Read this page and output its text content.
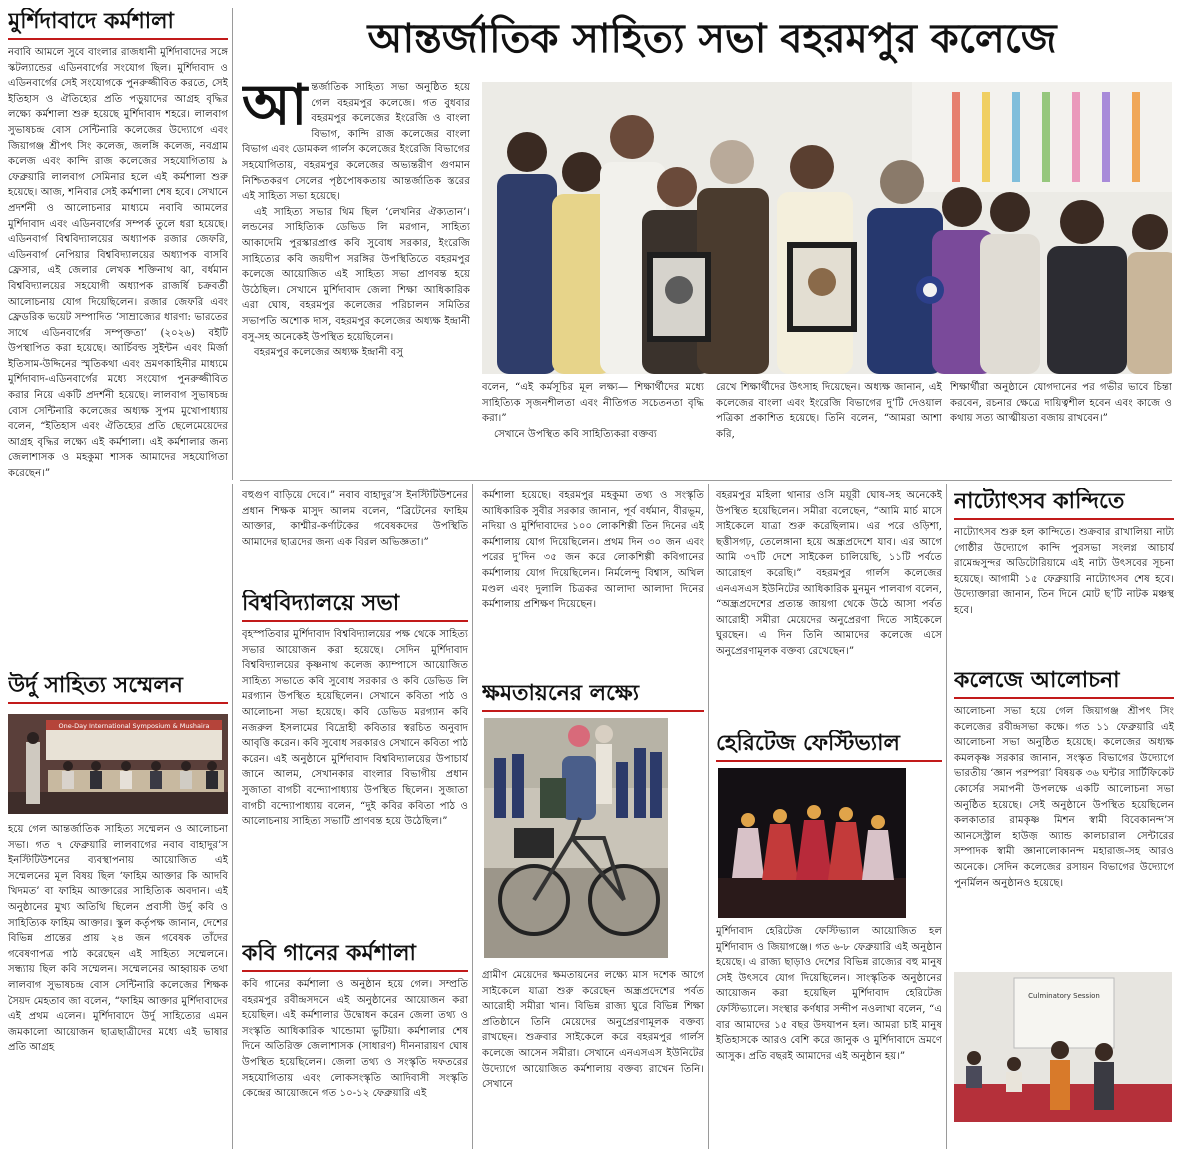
আন্তর্জাতিক সাহিত্য সভা বহরমপুর কলেজে
মুর্শিদাবাদে কর্মশালা
নবাবি আমলে সুবে বাংলার রাজধানী মুর্শিদাবাদের সঙ্গে স্কটল্যান্ডের এডিনবার্গের সংযোগ ছিল। মুর্শিদাবাদ ও এডিনবার্গের সেই সংযোগকে পুনরুজ্জীবিত করতে, সেই ইতিহাস ও ঐতিহ্যের প্রতি পড়ুয়াদের আগ্রহ বৃদ্ধির লক্ষ্যে কর্মশালা শুরু হয়েছে মুর্শিদাবাদ শহরে। লালবাগ সুভাষচন্দ্র বোস সেন্টিনারি কলেজের উদ্যোগে এবং জিয়াগঞ্জ শ্রীপৎ সিং কলেজ, জলঙ্গি কলেজ, নবগ্রাম কলেজ এবং কান্দি রাজ কলেজের সহযোগিতায় ৯ ফেব্রুয়ারি লালবাগ সেমিনার হলে এই কর্মশালা শুরু হয়েছে। আজ, শনিবার সেই কর্মশালা শেষ হবে। সেখানে প্রদর্শনী ও আলোচনার মাধ্যমে নবাবি আমলের মুর্শিদাবাদ এবং এডিনবার্গের সম্পর্ক তুলে ধরা হয়েছে। এডিনবার্গ বিশ্ববিদ্যালয়ের অধ্যাপক রজার জেফরি, এডিনবার্গ নেপিয়ার বিশ্ববিদ্যালয়ের অধ্যাপক বাসবি ফ্রেসার, এই জেলার লেখক শক্তিনাথ ঝা, বর্ধমান বিশ্ববিদ্যালয়ের সহযোগী অধ্যাপক রাজর্ষি চক্রবর্তী আলোচনায় যোগ দিয়েছিলেন। রজার জেফরি এবং ফ্রেডরিক ভয়েট সম্পাদিত ‘সাম্রাজ্যের ধারণা: ভারতের সাথে এডিনবার্গের সম্পৃক্ততা’ (২০২৬) বইটি উপস্থাপিত করা হয়েছে। আর্চিবল্ড সুইন্টন এবং মির্জা ইতিসাম-উদ্দিনের স্মৃতিকথা এবং ভ্রমণকাহিনীর মাধ্যমে মুর্শিদাবাদ-এডিনবার্গের মধ্যে সংযোগ পুনরুজ্জীবিত করার নিয়ে একটি প্রদর্শনী হয়েছে। লালবাগ সুভাষচন্দ্র বোস সেন্টিনারি কলেজের অধ্যক্ষ সুপম মুখোপাধ্যায় বলেন, “ইতিহাস এবং ঐতিহ্যের প্রতি ছেলেমেয়েদের আগ্রহ বৃদ্ধির লক্ষ্যে এই কর্মশালা। এই কর্মশালার জন্য জেলাশাসক ও মহকুমা শাসক আমাদের সহযোগিতা করেছেন।”
উর্দু সাহিত্য সম্মেলন
One-Day International Symposium & Mushaira
হয়ে গেল আন্তর্জাতিক সাহিত্য সম্মেলন ও আলোচনা সভা। গত ৭ ফেব্রুয়ারি লালবাগের নবাব বাহাদুর’স ইনস্টিটিউশনের ব্যবস্থাপনায় আয়োজিত এই সম্মেলনের মূল বিষয় ছিল ‘ফাহিম আক্তার কি আদবি খিদমত’ বা ফাহিম আক্তারের সাহিত্যিক অবদান। এই অনুষ্ঠানের মুখ্য অতিথি ছিলেন প্রবাসী উর্দু কবি ও সাহিত্যিক ফাহিম আক্তার। স্কুল কর্তৃপক্ষ জানান, দেশের বিভিন্ন প্রান্তের প্রায় ২৪ জন গবেষক তাঁদের গবেষণাপত্র পাঠ করেছেন এই সাহিত্য সম্মেলনে। সন্ধ্যায় ছিল কবি সম্মেলন। সম্মেলনের আহ্বায়ক তথা লালবাগ সুভাষচন্দ্র বোস সেন্টিনারি কলেজের শিক্ষক সৈয়দ মেহতাব জা বলেন, “ফাহিম আক্তার মুর্শিদাবাদের এই প্রথম এলেন। মুর্শিদাবাদে উর্দু সাহিত্যের এমন জমকালো আয়োজন ছাত্রছাত্রীদের মধ্যে এই ভাষার প্রতি আগ্রহ
আ ন্তর্জাতিক সাহিত্য সভা অনুষ্ঠিত হয়ে গেল বহরমপুর কলেজে। গত বুধবার বহরমপুর কলেজের ইংরেজি ও বাংলা বিভাগ, কান্দি রাজ কলেজের বাংলা বিভাগ এবং ডোমকল গার্লস কলেজের ইংরেজি বিভাগের সহযোগিতায়, বহরমপুর কলেজের অভ্যন্তরীণ গুণমান নিশ্চিতকরণ সেলের পৃষ্ঠপোষকতায় আন্তর্জাতিক স্তরের এই সাহিত্য সভা হয়েছে।

এই সাহিত্য সভার থিম ছিল ‘লেখনির ঐক্যতান’। লন্ডনের সাহিত্যিক ডেভিড লি মরগান, সাহিত্য আকাদেমি পুরস্কারপ্রাপ্ত কবি সুবোধ সরকার, ইংরেজি সাহিত্যের কবি জয়দীপ সরঙ্গির উপস্থিতিতে বহরমপুর কলেজে আয়োজিত এই সাহিত্য সভা প্রাণবন্ত হয়ে উঠেছিল। সেখানে মুর্শিদাবাদ জেলা শিক্ষা আধিকারিক এরা ঘোষ, বহরমপুর কলেজের পরিচালন সমিতির সভাপতি অশোক দাস, বহরমপুর কলেজের অধ্যক্ষ ইন্দ্রানী বসু-সহ অনেকেই উপস্থিত হয়েছিলেন।

বহরমপুর কলেজের অধ্যক্ষ ইন্দ্রানী বসু

বলেন, “এই কর্মসূচির মূল লক্ষ্য— শিক্ষার্থীদের মধ্যে সাহিত্যিক সৃজনশীলতা এবং নীতিগত সচেতনতা বৃদ্ধি করা।”

সেখানে উপস্থিত কবি সাহিত্যিকরা বক্তব্য

রেখে শিক্ষার্থীদের উৎসাহ দিয়েছেন। অধ্যক্ষ জানান, এই কলেজের বাংলা এবং ইংরেজি বিভাগের দু’টি দেওয়াল পত্রিকা প্রকাশিত হয়েছে। তিনি বলেন, “আমরা আশা করি,
শিক্ষার্থীরা অনুষ্ঠানে যোগদানের পর গভীর ভাবে চিন্তা করবেন, রচনার ক্ষেত্রে দায়িত্বশীল হবেন এবং কাজে ও কথায় সত্য আত্মীয়তা বজায় রাখবেন।”
বহুগুণ বাড়িয়ে দেবে।” নবাব বাহাদুর’স ইনস্টিটিউশনের প্রধান শিক্ষক মাসুদ আলম বলেন, “ব্রিটেনের ফাহিম আক্তার, কাশ্মীর-কর্ণাটকের গবেষকদের উপস্থিতি আমাদের ছাত্রদের জন্য এক বিরল অভিজ্ঞতা।”
বিশ্ববিদ্যালয়ে সভা
বৃহস্পতিবার মুর্শিদাবাদ বিশ্ববিদ্যালয়ের পক্ষ থেকে সাহিত্য সভার আয়োজন করা হয়েছে। সেদিন মুর্শিদাবাদ বিশ্ববিদ্যালয়ের কৃষ্ণনাথ কলেজ ক্যাম্পাসে আয়োজিত সাহিত্য সভাতে কবি সুবোধ সরকার ও কবি ডেভিড লি মরগ্যান উপস্থিত হয়েছিলেন। সেখানে কবিতা পাঠ ও আলোচনা সভা হয়েছে। কবি ডেভিড মরগ্যান কবি নজরুল ইসলামের বিদ্রোহী কবিতার স্বরচিত অনুবাদ আবৃত্তি করেন। কবি সুবোধ সরকারও সেখানে কবিতা পাঠ করেন। এই অনুষ্ঠানে মুর্শিদাবাদ বিশ্ববিদ্যালয়ের উপাচার্য জানে আলম, সেখানকার বাংলার বিভাগীয় প্রধান সুজাতা বাগচী বন্দ্যোপাধ্যায় উপস্থিত ছিলেন। সুজাতা বাগচী বন্দ্যোপাধ্যায় বলেন, “দুই কবির কবিতা পাঠ ও আলোচনায় সাহিত্য সভাটি প্রাণবন্ত হয়ে উঠেছিল।”
কবি গানের কর্মশালা
কবি গানের কর্মশালা ও অনুষ্ঠান হয়ে গেল। সম্প্রতি বহরমপুর রবীন্দ্রসদনে এই অনুষ্ঠানের আয়োজন করা হয়েছিল। এই কর্মশালার উদ্বোধন করেন জেলা তথ্য ও সংস্কৃতি আধিকারিক খান্ডোমা ভুটিয়া। কর্মশালার শেষ দিনে অতিরিক্ত জেলাশাসক (সাধারণ) দীননারায়ণ ঘোষ উপস্থিত হয়েছিলেন। জেলা তথ্য ও সংস্কৃতি দফতরের সহযোগিতায় এবং লোকসংস্কৃতি আদিবাসী সংস্কৃতি কেন্দ্রের আয়োজনে গত ১০-১২ ফেব্রুয়ারি এই
কর্মশালা হয়েছে। বহরমপুর মহকুমা তথ্য ও সংস্কৃতি আধিকারিক সুবীর সরকার জানান, পূর্ব বর্ধমান, বীরভূম, নদিয়া ও মুর্শিদাবাদের ১০০ লোকশিল্পী তিন দিনের এই কর্মশালায় যোগ দিয়েছিলেন। প্রথম দিন ৩০ জন এবং পরের দু’দিন ৩৫ জন করে লোকশিল্পী কবিগানের কর্মশালায় যোগ দিয়েছিলেন। নির্মলেন্দু বিশ্বাস, অখিল মণ্ডল এবং দুলালি চিত্রকর আলাদা আলাদা দিনের কর্মশালায় প্রশিক্ষণ দিয়েছেন।
ক্ষমতায়নের লক্ষ্যে
গ্রামীণ মেয়েদের ক্ষমতায়নের লক্ষ্যে মাস দশেক আগে সাইকেলে যাত্রা শুরু করেছেন অন্ধ্রপ্রদেশের পর্বত আরোহী সমীরা খান। বিভিন্ন রাজ্য ঘুরে বিভিন্ন শিক্ষা প্রতিষ্ঠানে তিনি মেয়েদের অনুপ্রেরণামূলক বক্তব্য রাখছেন। শুক্রবার সাইকেলে করে বহরমপুর গার্লস কলেজে আসেন সমীরা। সেখানে এনএসএস ইউনিটের উদ্যোগে আয়োজিত কর্মশালায় বক্তব্য রাখেন তিনি। সেখানে
বহরমপুর মহিলা থানার ওসি ময়ূরী ঘোষ-সহ অনেকেই উপস্থিত হয়েছিলেন। সমীরা বলেছেন, “আমি মার্চ মাসে সাইকেলে যাত্রা শুরু করেছিলাম। এর পরে ওড়িশা, ছত্তীসগঢ়, তেলেঙ্গানা হয়ে অন্ধ্রপ্রদেশে যাব। এর আগে আমি ৩৭টি দেশে সাইকেল চালিয়েছি, ১১টি পর্বতে আরোহণ করেছি।” বহরমপুর গার্লস কলেজের এনএসএস ইউনিটের আধিকারিক মুনমুন পালবাগ বলেন, “অন্ধ্রপ্রদেশের প্রত্যন্ত জায়গা থেকে উঠে আসা পর্বত আরোহী সমীরা মেয়েদের অনুপ্রেরণা দিতে সাইকেলে ঘুরছেন। এ দিন তিনি আমাদের কলেজে এসে অনুপ্রেরণামূলক বক্তব্য রেখেছেন।”
হেরিটেজ ফেস্টিভ্যাল
মুর্শিদাবাদ হেরিটেজ ফেস্টিভ্যাল আয়োজিত হল মুর্শিদাবাদ ও জিয়াগঞ্জে। গত ৬-৮ ফেব্রুয়ারি এই অনুষ্ঠান হয়েছে। এ রাজ্য ছাড়াও দেশের বিভিন্ন রাজ্যের বহু মানুষ সেই উৎসবে যোগ দিয়েছিলেন। সাংস্কৃতিক অনুষ্ঠানের আয়োজন করা হয়েছিল মুর্শিদাবাদ হেরিটেজ ফেস্টিভ্যালে। সংস্থার কর্ণধার সন্দীপ নওলাখা বলেন, “এ বার আমাদের ১৫ বছর উদযাপন হল। আমরা চাই মানুষ ইতিহাসকে আরও বেশি করে জানুক ও মুর্শিদাবাদে ভ্রমণে আসুক। প্রতি বছরই আমাদের এই অনুষ্ঠান হয়।”
নাট্যোৎসব কান্দিতে
নাট্যোৎসব শুরু হল কান্দিতে। শুক্রবার রাখালিয়া নাট্য গোষ্ঠীর উদ্যোগে কান্দি পুরসভা সংলগ্ন আচার্য রামেন্দ্রসুন্দর অডিটোরিয়ামে এই নাট্য উৎসবের সূচনা হয়েছে। আগামী ১৫ ফেব্রুয়ারি নাট্যোৎসব শেষ হবে। উদ্যোক্তারা জানান, তিন দিনে মোট ছ’টি নাটক মঞ্চস্থ হবে।
কলেজে আলোচনা
আলোচনা সভা হয়ে গেল জিয়াগঞ্জ শ্রীপৎ সিং কলেজের রবীন্দ্রসভা কক্ষে। গত ১১ ফেব্রুয়ারি এই আলোচনা সভা অনুষ্ঠিত হয়েছে। কলেজের অধ্যক্ষ কমলকৃষ্ণ সরকার জানান, সংস্কৃত বিভাগের উদ্যোগে ভারতীয় ‘জ্ঞান পরম্পরা’ বিষয়ক ৩৬ ঘন্টার সার্টিফিকেট কোর্সের সমাপনী উপলক্ষে একটি আলোচনা সভা অনুষ্ঠিত হয়েছে। সেই অনুষ্ঠানে উপস্থিত হয়েছিলেন কলকাতার রামকৃষ্ণ মিশন স্বামী বিবেকানন্দ’স আনসেস্ট্রাল হাউজ় অ্যান্ড কালচারাল সেন্টারের সম্পাদক স্বামী জ্ঞানালোকানন্দ মহারাজ-সহ আরও অনেকে। সেদিন কলেজের রসায়ন বিভাগের উদ্যোগে পুনর্মিলন অনুষ্ঠানও হয়েছে।
Culminatory Session
